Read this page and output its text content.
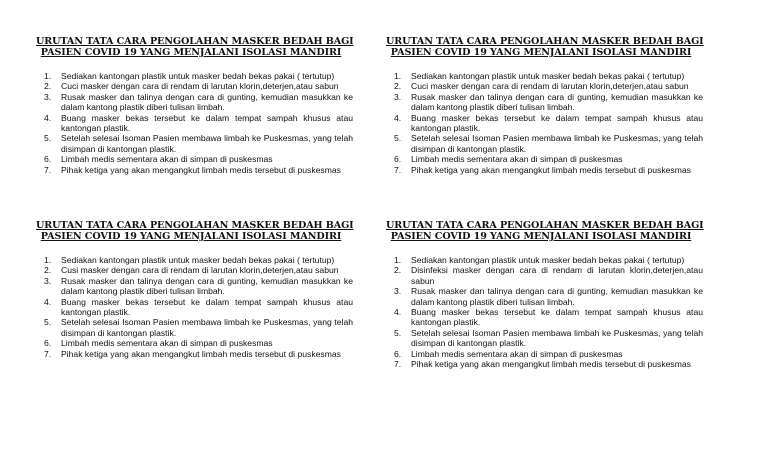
URUTAN TATA CARA PENGOLAHAN MASKER BEDAH BAGI
PASIEN COVID 19 YANG MENJALANI ISOLASI MANDIRI
1. Sediakan kantongan plastik untuk masker bedah bekas pakai ( tertutup)
2. Cuci masker dengan cara di rendam di larutan klorin,deterjen,atau sabun
3. Rusak masker dan talinya dengan cara di gunting, kemudian masukkan ke dalam kantong plastik diberi tulisan limbah.
4. Buang masker bekas tersebut ke dalam tempat sampah khusus atau kantongan plastik.
5. Setelah selesai Isoman Pasien membawa limbah ke Puskesmas, yang telah disimpan di kantongan plastik.
6. Limbah medis sementara akan di simpan di puskesmas
7. Pihak ketiga yang akan mengangkut limbah medis tersebut di puskesmas
URUTAN TATA CARA PENGOLAHAN MASKER BEDAH BAGI
PASIEN COVID 19 YANG MENJALANI ISOLASI MANDIRI
1. Sediakan kantongan plastik untuk masker bedah bekas pakai ( tertutup)
2. Cuci masker dengan cara di rendam di larutan klorin,deterjen,atau sabun
3. Rusak masker dan talinya dengan cara di gunting, kemudian masukkan ke dalam kantong plastik diberi tulisan limbah.
4. Buang masker bekas tersebut ke dalam tempat sampah khusus atau kantongan plastik.
5. Setelah selesai Isoman Pasien membawa limbah ke Puskesmas, yang telah disimpan di kantongan plastik.
6. Limbah medis sementara akan di simpan di puskesmas
7. Pihak ketiga yang akan mengangkut limbah medis tersebut di puskesmas
URUTAN TATA CARA PENGOLAHAN MASKER BEDAH BAGI
PASIEN COVID 19 YANG MENJALANI ISOLASI MANDIRI
1. Sediakan kantongan plastik untuk masker bedah bekas pakai ( tertutup)
2. Cusi masker dengan cara di rendam di larutan klorin,deterjen,atau sabun
3. Rusak masker dan talinya dengan cara di gunting, kemudian masukkan ke dalam kantong plastik diberi tulisan limbah.
4. Buang masker bekas tersebut ke dalam tempat sampah khusus atau kantongan plastik.
5. Setelah selesai Isoman Pasien membawa limbah ke Puskesmas, yang telah disimpan di kantongan plastik.
6. Limbah medis sementara akan di simpan di puskesmas
7. Pihak ketiga yang akan mengangkut limbah medis tersebut di puskesmas
URUTAN TATA CARA PENGOLAHAN MASKER BEDAH BAGI
PASIEN COVID 19 YANG MENJALANI ISOLASI MANDIRI
1. Sediakan kantongan plastik untuk masker bedah bekas pakai ( tertutup)
2. Disinfeksi masker dengan cara di rendam di larutan klorin,deterjen,atau sabun
3. Rusak masker dan talinya dengan cara di gunting, kemudian masukkan ke dalam kantong plastik diberi tulisan limbah.
4. Buang masker bekas tersebut ke dalam tempat sampah khusus atau kantongan plastik.
5. Setelah selesai Isoman Pasien membawa limbah ke Puskesmas, yang telah disimpan di kantongan plastik.
6. Limbah medis sementara akan di simpan di puskesmas
7. Pihak ketiga yang akan mengangkut limbah medis tersebut di puskesmas
